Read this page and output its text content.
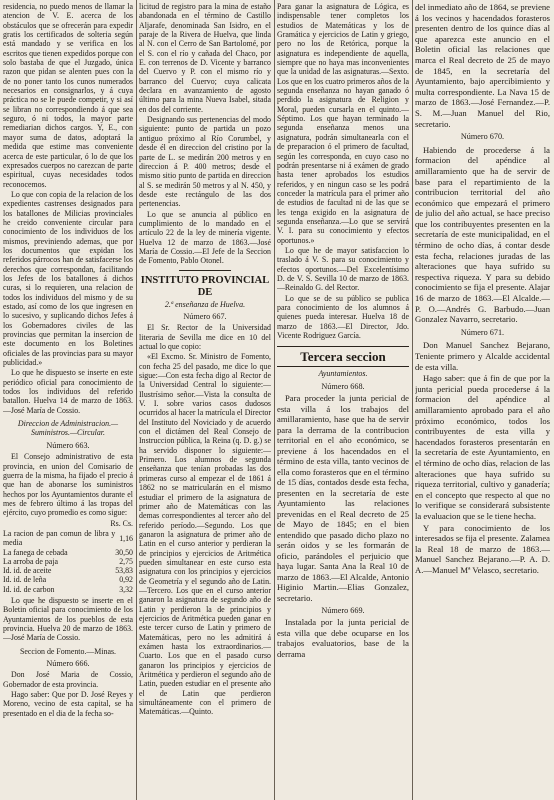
residencia, no puedo menos de llamar la atencion de V. E. acerca de los obstáculos que se ofrecerán para expedir gratis los certificados de solteria según está mandado y se verifica en los escritos que tienen expedidos porque con solo bastaba de que el Juzgado, única razon que pidan se alenten pues con la de no poner tanto los cunos numerados necesarios en consignarlos, y á cuya práctica no se le puede competir, y si así se libran no correspondiendo á que sea seguro, ó ni todos, la mayor parte remediarian dichos cargos. Y, E., con mayor suma de datos, adoptará la medida que estime mas conveniente acerca de este particular, ó lo de que los expresados cuerpos no carezcan de parte espiritual, cuyas necesidades todos reconocemos.

Lo que con copia de la relacion de los expedientes castrenses designados para los batallones de Milicias provinciales he creido conveniente circular para conocimiento de los individuos de los mismos, previniendo ademas, que por los documentos que expidan los referidos párrocos han de satisfacerse los derechos que correspondan, facilitando los Jefes de los batallones á dichos curas, si lo requieren, una relacion de todos los individuos del mismo y de su estado, así como de los que ingresen en lo sucesivo, y suplicando dichos Jefes á los Gobernadores civiles de las provincias que permitan la insercion de este documento en los Boletines oficiales de las provincias para su mayor publicidad.»

Lo que he dispuesto se inserte en este periódico oficial para conocimiento de todos los individuos del referido batallon. Huelva 14 de marzo de 1863.—José María de Cossio.

Direccion de Administracion.—Suministros.—Circular.

Número 663.

El Consejo administrativo de esta provincia, en union del Comisario de guerra de la misma, ha fijado el precio á que han de abonarse los suministros hechos por los Ayuntamientos durante el mes de febrero último á las tropas del ejército, cuyo promedio es como sigue:

Rs. Cs.

La racion de pan comun de libra y media	1,16
La fanega de cebada	30,50
La arroba de paja	2,75
Id. id. de aceite	53,83
Id. id. de leña	0,92
Id. id. de carbon	3,32

Lo que he dispuesto se inserte en el Boletin oficial para conocimiento de los Ayuntamientos de los pueblos de esta provincia. Huelva 20 de marzo de 1863.—José María de Cossio.

Seccion de Fomento.—Minas.

Número 666.

Don José Maria de Cossio, Gobernador de esta provincia.

Hago saber: Que por D. José Reyes y Moreno, vecino de esta capital, se ha presentado en el dia de la fecha so-

licitud de registro para la mina de estaño abandonada en el término de Castillo Aljarafe, denominada San Isidro, en el paraje de la Rivera de Huelva, que linda al N. con el Cerro de San Bartolomé, por el S. con el río y cañada del Chaco, por E. con terrenos de D. Vicente y barranco del Cuervo y P. con el mismo río y barranco del Cuervo; cuya calicata declara en avanzamiento de agosto último para la mina Nueva Isabel, sitada en dos del corriente.

Designando sus pertenencias del modo siguiente: punto de partida un pozo antiguo próximo al Río Corumbel, y desde él en direccion del cristino por la parte de L. se medirán 200 metros y en direccion á P. 400 metros; desde el mismo sitio punto de partida en direccion al S. se medirán 50 metros y al N. 450, y desde este rectángulo de las dos pertenencias.

Lo que se anuncia al público en cumplimiento de lo mandado en el artículo 22 de la ley de minería vigente. Huelva 12 de marzo de 1863.—José María de Cossio.—El Jefe de la Seccion de Fomento, Pablo Otonel.

INSTITUTO PROVINCIAL DE

2.ª enseñanza de Huelva.

Número 667.

El Sr. Rector de la Universidad literaria de Sevilla me dice en 10 del actual lo que copio:

«El Excmo. Sr. Ministro de Fomento, con fecha 25 del pasado, me dice lo que sigue:—Con esta fecha digo al Rector de la Universidad Central lo siguiente:—Ilustrísimo señor.—Vista la consulta de V. I. sobre varios casos dudosos ocurridos al hacer la matrícula el Director del Instituto del Noviciado y de acuerdo con el dictámen del Real Consejo de Instruccion pública, la Reina (q. D. g.) se ha servido disponer lo siguiente:—Primero. Los alumnos de segunda enseñanza que tenían probadas las dos primeras curso al empezar el de 1861 á 1862 no se matricularán en el mismo estudiar el primero de la asignatura de primer año de Matemáticas con las demas correspondientes al tercer año del referido período.—Segundo. Los que ganaron la asignatura de primer año de Latin en el curso anterior y perdieran la de principios y ejercicios de Aritmética pueden simultanear en este curso esta asignatura con los principios y ejercicios de Geometría y el segundo año de Latin.—Tercero. Los que en el curso anterior ganaron la asignatura de segundo año de Latin y perdieron la de principios y ejercicios de Aritmética pueden ganar en este tercer curso de Latin y primero de Matemáticas, pero no les admitirá á exámen hasta los extraordinarios.—Cuarto. Los que en el pasado curso ganaron los principios y ejercicios de Aritmética y perdieron el segundo año de Latin, pueden estudiar en el presente año el de Latin que perdieron simultáneamente con el primero de Matemáticas.—Quinto.

Para ganar la asignatura de Lógica, es indispensable tener completos los estudios de Matemáticas y los de Gramática y ejercicios de Latin y griego, pero no los de Retórica, porque la asignatura es independiente de aquella, siempre que no haya mas inconvenientes que la unidad de las asignaturas.—Sexto. Los que en los cuatro primeros años de la segunda enseñanza no hayan ganado ó perdido la asignatura de Religion y Moral, pueden cursarla en el quinto.—Séptimo. Los que hayan terminado la segunda enseñanza menos una asignatura, podrán simultanearla con el de preparacion ó el primero de facultad, según les corresponda, en cuyo caso no podrán presentarse ni á exámen de grado hasta tener aprobados los estudios referidos, y en ningun caso se les podrá conceder la matrícula para el primer año de estudios de facultad ni de las que se les tenga exigido en la asignatura de segunda enseñanza.—Lo que se servirá V. I. para su conocimiento y efectos oportunos.»

Lo que he de mayor satisfaccion lo traslado á V. S. para su conocimiento y efectos oportunos.—Del Excelentísimo D. de V. S. Sevilla 10 de marzo de 1863.—Reinaldo G. del Rector.

Lo que se de su público se publica para conocimiento de los alumnos á quienes pueda interesar. Huelva 18 de marzo de 1863.—El Director, Jdo. Vicente Rodriguez García.

Tercera seccion

Ayuntamientos.

Número 668.

Para proceder la junta pericial de esta villa á los trabajos del amillaramiento, hase que ha de servir para la derrama de la contribucion territorial en el año económico, se previene á los hacendados en el término de esta villa, tanto vecinos de ella como forasteros que en el término de 15 días, contados desde esta fecha, presenten en la secretaría de este Ayuntamiento las relaciones prevenidas en el Real decreto de 25 de Mayo de 1845; en el bien entendido que pasado dicho plazo no serán oidos y se les formarán de oficio, parándoles el perjuicio que haya lugar. Santa Ana la Real 10 de marzo de 1863.—El Alcalde, Antonio Higinio Martin.—Elias Gonzalez, secretario.

Número 669.

Instalada por la junta pericial de esta villa que debe ocuparse en los trabajos evaluatorios, base de la derrama

del inmediato año de 1864, se previene á los vecinos y hacendados forasteros presenten dentro de los quince días al que aparezca este anuncio en el Boletin oficial las relaciones que marca el Real decreto de 25 de mayo de 1845, en la secretaría del Ayuntamiento, bajo apercibimiento y multa correspondiente. La Nava 15 de marzo de 1863.—José Fernandez.—P. S. M.—Juan Manuel del Rio, secretario.

Número 670.

Habiendo de procederse á la formacion del apéndice al amillaramiento que ha de servir de base para el repartimiento de la contribucion territorial del año económico que empezará el primero de julio del año actual, se hace preciso que los contribuyentes presenten en la secretaría de este municipalidad, en el término de ocho días, á contar desde esta fecha, relaciones juradas de las alteraciones que haya sufrido su respectiva riqueza. Y para su debido conocimiento se fija el presente. Alajar 16 de marzo de 1863.—El Alcalde.—P. O.—Andrés G. Barbudo.—Juan Gonzalez Navarro, secretario.

Número 671.

Don Manuel Sanchez Bejarano, Teniente primero y Alcalde accidental de esta villa.

Hago saber: que á fin de que por la junta pericial pueda procederse á la formacion del apéndice al amillaramiento aprobado para el año próximo económico, todos los contribuyentes de esta villa y hacendados forasteros presentarán en la secretaría de este Ayuntamiento, en el término de ocho días, relacion de las alteraciones que haya sufrido su riqueza territorial, cultivo y ganadería; en el concepto que respecto al que no lo verifique se considerará subsistente la evaluacion que se le tiene hecha.

Y para conocimiento de los interesados se fija el presente. Zalamea la Real 18 de marzo de 1863.—Manuel Sanchez Bejarano.—P. A. D. A.—Manuel Mª Velasco, secretario.
